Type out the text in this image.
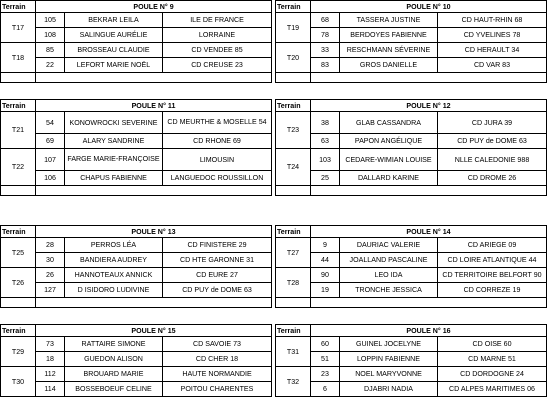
Terrain	POULE N° 9		
T17	105	BEKRAR LEILA	ILE DE FRANCE
	108	SALINGUE AURÉLIE	LORRAINE
T18	85	BROSSEAU CLAUDIE	CD VENDEE 85
	22	LEFORT MARIE NOËL	CD CREUSE 23

Terrain	POULE N° 10		
T19	68	TASSERA JUSTINE	CD HAUT-RHIN 68
	78	BERDOYES FABIENNE	CD YVELINES 78
T20	33	RESCHMANN SÉVERINE	CD HERAULT 34
	83	GROS DANIELLE	CD VAR 83

Terrain	POULE N° 11		
T21	54	KONOWROCKI SEVERINE	CD MEURTHE & MOSELLE 54
	69	ALARY SANDRINE	CD RHONE 69
T22	107	FARGE MARIE-FRANÇOISE	LIMOUSIN
	106	CHAPUS FABIENNE	LANGUEDOC ROUSSILLON

Terrain	POULE N° 12		
T23	38	GLAB CASSANDRA	CD JURA 39
	63	PAPON ANGÉLIQUE	CD PUY de DOME 63
T24	103	CEDARE-WIMIAN LOUISE	NLLE CALEDONIE 988
	25	DALLARD KARINE	CD DROME 26

Terrain	POULE N° 13		
T25	28	PERROS LÉA	CD FINISTERE 29
	30	BANDIERA AUDREY	CD HTE GARONNE 31
T26	26	HANNOTEAUX ANNICK	CD EURE 27
	127	D ISIDORO LUDIVINE	CD PUY de DOME 63

Terrain	POULE N° 14		
T27	9	DAURIAC VALERIE	CD ARIEGE 09
	44	JOALLAND PASCALINE	CD LOIRE ATLANTIQUE 44
T28	90	LEO IDA	CD TERRITOIRE BELFORT 90
	19	TRONCHE JESSICA	CD CORREZE 19

Terrain	POULE N° 15		
T29	73	RATTAIRE SIMONE	CD SAVOIE 73
	18	GUEDON ALISON	CD CHER 18
T30	112	BROUARD MARIE	HAUTE NORMANDIE
	114	BOSSEBOEUF CELINE	POITOU CHARENTES
Terrain	POULE N° 16		
T31	60	GUINEL JOCELYNE	CD OISE 60
	51	LOPPIN FABIENNE	CD MARNE 51
T32	23	NOEL MARYVONNE	CD DORDOGNE 24
	6	DJABRI NADIA	CD ALPES MARITIMES 06
